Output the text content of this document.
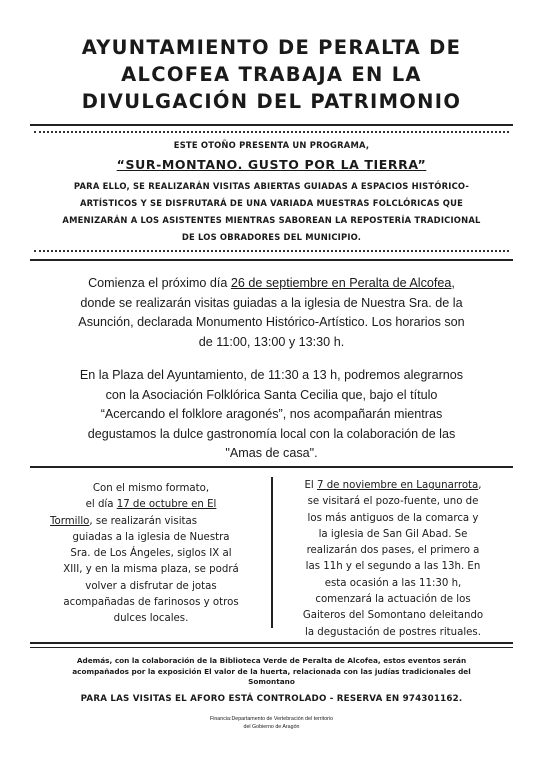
AYUNTAMIENTO DE PERALTA DE
ALCOFEA TRABAJA EN LA
DIVULGACIÓN DEL PATRIMONIO
ESTE OTOÑO PRESENTA UN PROGRAMA,
“SUR-MONTANO. GUSTO POR LA TIERRA”
PARA ELLO, SE REALIZARÁN VISITAS ABIERTAS GUIADAS A ESPACIOS HISTÓRICO-
ARTÍSTICOS Y SE DISFRUTARÁ DE UNA VARIADA MUESTRAS FOLCLÓRICAS QUE
AMENIZARÁN A LOS ASISTENTES MIENTRAS SABOREAN LA REPOSTERÍA TRADICIONAL
DE LOS OBRADORES DEL MUNICIPIO.
Comienza el próximo día 26 de septiembre en Peralta de Alcofea,
donde se realizarán visitas guiadas a la iglesia de Nuestra Sra. de la
Asunción, declarada Monumento Histórico-Artístico. Los horarios son
de 11:00, 13:00 y 13:30 h.
En la Plaza del Ayuntamiento, de 11:30 a 13 h, podremos alegrarnos
con la Asociación Folklórica Santa Cecilia que, bajo el título
“Acercando el folklore aragonés”, nos acompañarán mientras
degustamos la dulce gastronomía local con la colaboración de las
"Amas de casa".
Con el mismo formato,
el día 17 de octubre en El
Tormillo, se realizarán visitas
guiadas a la iglesia de Nuestra
Sra. de Los Ángeles, siglos IX al
XIII, y en la misma plaza, se podrá
volver a disfrutar de jotas
acompañadas de farinosos y otros
dulces locales.
El 7 de noviembre en Lagunarrota,
se visitará el pozo-fuente, uno de
los más antiguos de la comarca y
la iglesia de San Gil Abad. Se
realizarán dos pases, el primero a
las 11h y el segundo a las 13h. En
esta ocasión a las 11:30 h,
comenzará la actuación de los
Gaiteros del Somontano deleitando
la degustación de postres rituales.
Además, con la colaboración de la Biblioteca Verde de Peralta de Alcofea, estos eventos serán
acompañados por la exposición El valor de la huerta, relacionada con las judías tradicionales del
Somontano
PARA LAS VISITAS EL AFORO ESTÁ CONTROLADO - RESERVA EN 974301162.
Financia:Departamento de Vertebración del territorio
del Gobierno de Aragón
